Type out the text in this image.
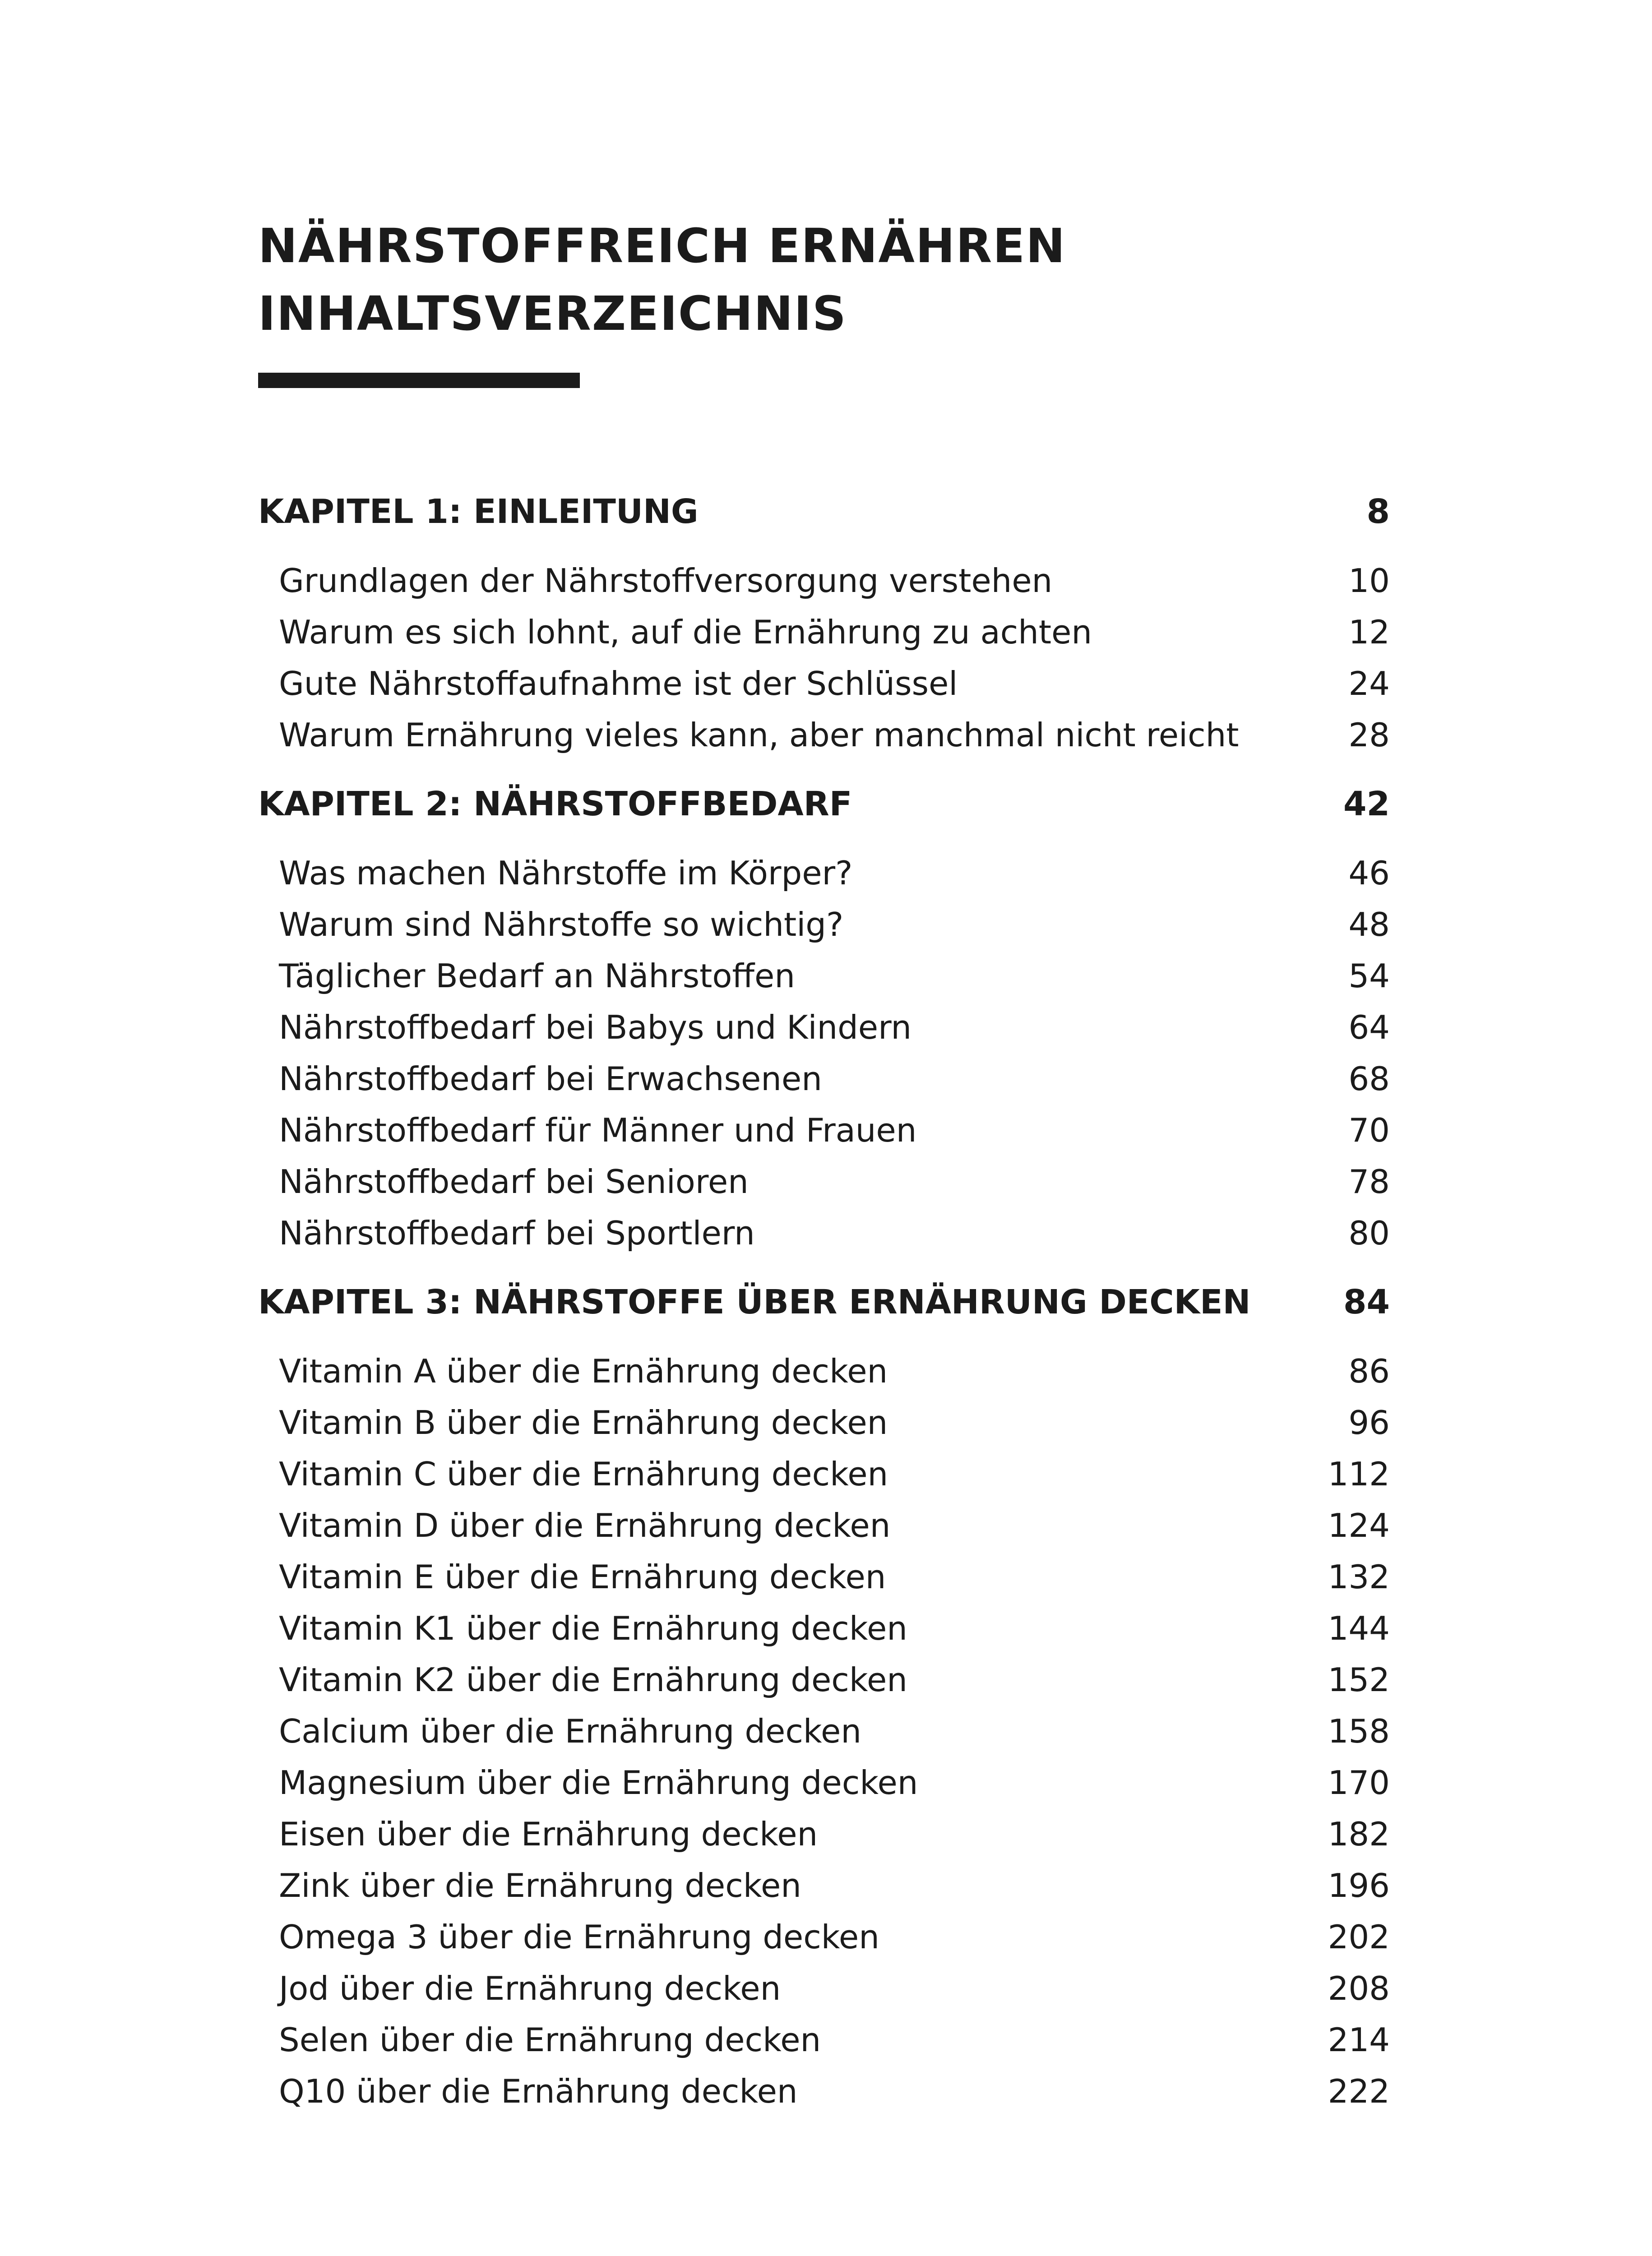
NÄHRSTOFFREICH ERNÄHREN
INHALTSVERZEICHNIS
KAPITEL 1: EINLEITUNG	8
Grundlagen der Nährstoffversorgung verstehen	10
Warum es sich lohnt, auf die Ernährung zu achten	12
Gute Nährstoffaufnahme ist der Schlüssel	24
Warum Ernährung vieles kann, aber manchmal nicht reicht	28
KAPITEL 2: NÄHRSTOFFBEDARF	42
Was machen Nährstoffe im Körper?	46
Warum sind Nährstoffe so wichtig?	48
Täglicher Bedarf an Nährstoffen	54
Nährstoffbedarf bei Babys und Kindern	64
Nährstoffbedarf bei Erwachsenen	68
Nährstoffbedarf für Männer und Frauen	70
Nährstoffbedarf bei Senioren	78
Nährstoffbedarf bei Sportlern	80
KAPITEL 3: NÄHRSTOFFE ÜBER ERNÄHRUNG DECKEN	84
Vitamin A über die Ernährung decken	86
Vitamin B über die Ernährung decken	96
Vitamin C über die Ernährung decken	112
Vitamin D über die Ernährung decken	124
Vitamin E über die Ernährung decken	132
Vitamin K1 über die Ernährung decken	144
Vitamin K2 über die Ernährung decken	152
Calcium über die Ernährung decken	158
Magnesium über die Ernährung decken	170
Eisen über die Ernährung decken	182
Zink über die Ernährung decken	196
Omega 3 über die Ernährung decken	202
Jod über die Ernährung decken	208
Selen über die Ernährung decken	214
Q10 über die Ernährung decken	222
